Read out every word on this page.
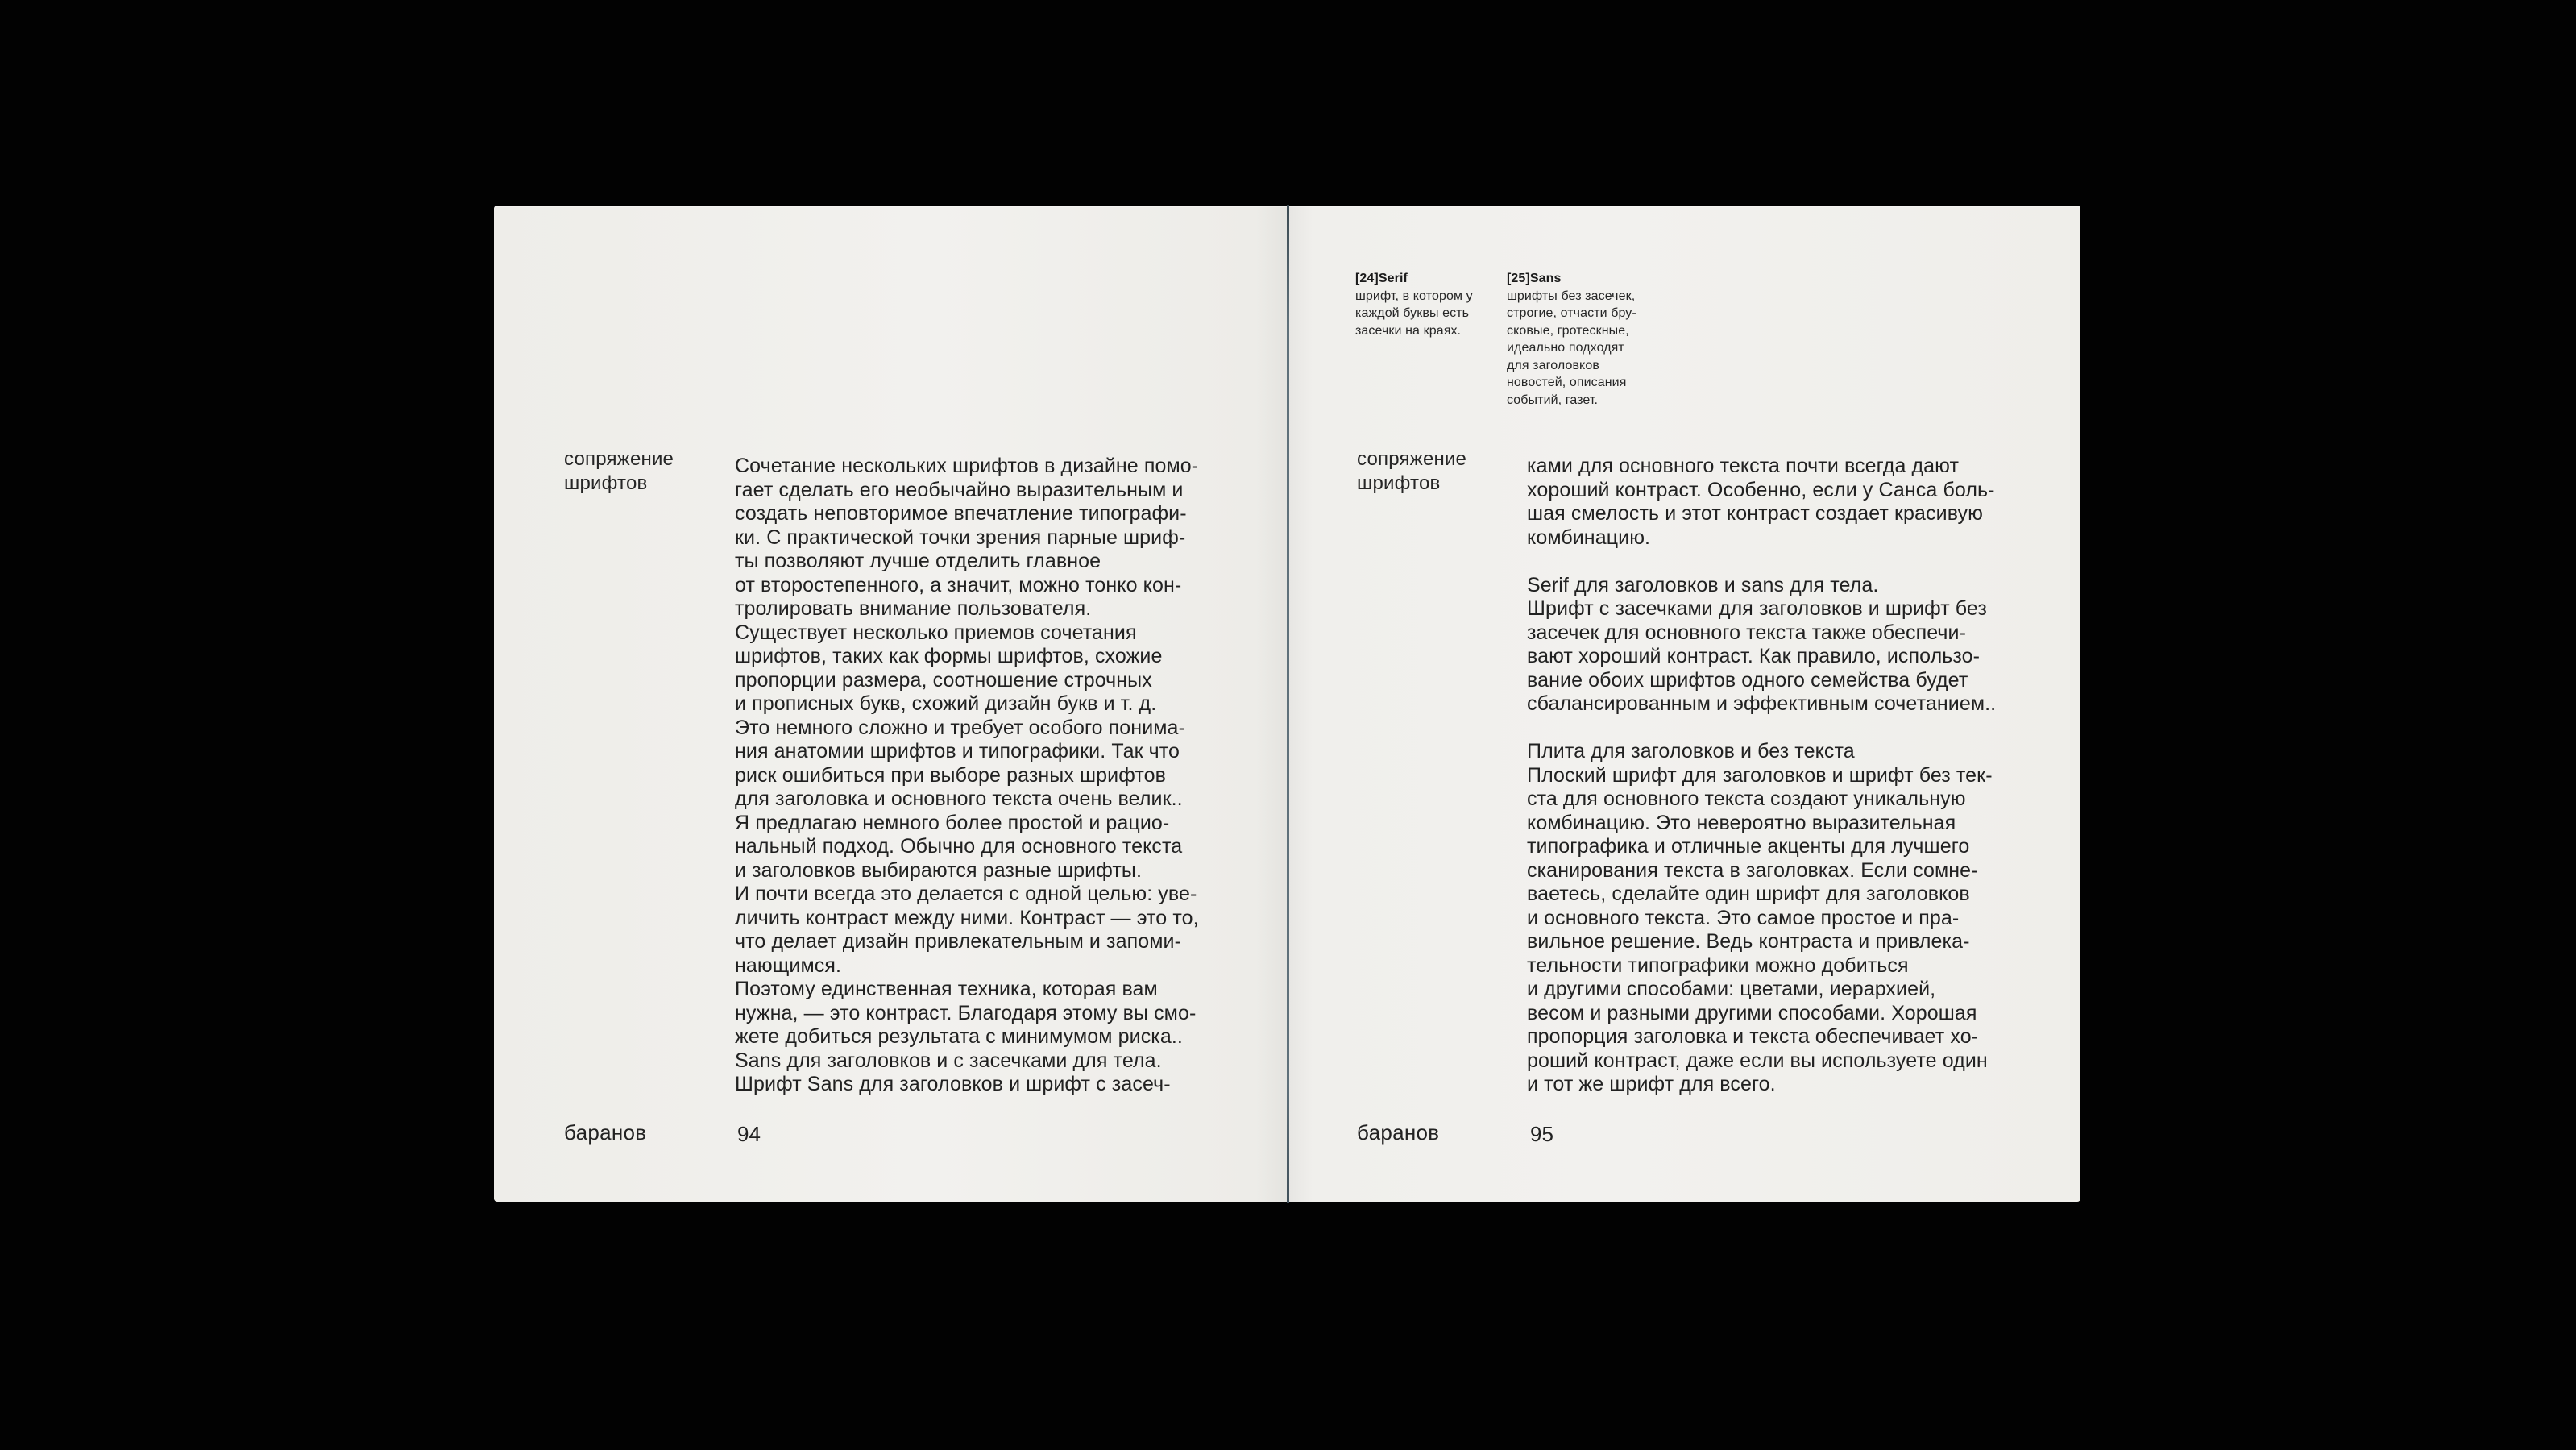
сопряжение
шрифтов
Сочетание нескольких шрифтов в дизайне помо-
гает сделать его необычайно выразительным и
создать неповторимое впечатление типографи-
ки. С практической точки зрения парные шриф-
ты позволяют лучше отделить главное
от второстепенного, а значит, можно тонко кон-
тролировать внимание пользователя.
Существует несколько приемов сочетания
шрифтов, таких как формы шрифтов, схожие
пропорции размера, соотношение строчных
и прописных букв, схожий дизайн букв и т. д.
Это немного сложно и требует особого понима-
ния анатомии шрифтов и типографики. Так что
риск ошибиться при выборе разных шрифтов
для заголовка и основного текста очень велик..
Я предлагаю немного более простой и рацио-
нальный подход. Обычно для основного текста
и заголовков выбираются разные шрифты.
И почти всегда это делается с одной целью: уве-
личить контраст между ними. Контраст — это то,
что делает дизайн привлекательным и запоми-
нающимся.
Поэтому единственная техника, которая вам
нужна, — это контраст. Благодаря этому вы смо-
жете добиться результата с минимумом риска..
Sans для заголовков и с засечками для тела.
Шрифт Sans для заголовков и шрифт с засеч-
баранов	94
[24]Serif
шрифт, в котором у
каждой буквы есть
засечки на краях.
[25]Sans
шрифты без засечек,
строгие, отчасти бру-
сковые, гротескные,
идеально подходят
для заголовков
новостей, описания
событий, газет.
сопряжение
шрифтов
ками для основного текста почти всегда дают
хороший контраст. Особенно, если у Санса боль-
шая смелость и этот контраст создает красивую
комбинацию.

Serif для заголовков и sans для тела.
Шрифт с засечками для заголовков и шрифт без
засечек для основного текста также обеспечи-
вают хороший контраст. Как правило, использо-
вание обоих шрифтов одного семейства будет
сбалансированным и эффективным сочетанием..

Плита для заголовков и без текста
Плоский шрифт для заголовков и шрифт без тек-
ста для основного текста создают уникальную
комбинацию. Это невероятно выразительная
типографика и отличные акценты для лучшего
сканирования текста в заголовках. Если сомне-
ваетесь, сделайте один шрифт для заголовков
и основного текста. Это самое простое и пра-
вильное решение. Ведь контраста и привлека-
тельности типографики можно добиться
и другими способами: цветами, иерархией,
весом и разными другими способами. Хорошая
пропорция заголовка и текста обеспечивает хо-
роший контраст, даже если вы используете один
и тот же шрифт для всего.
баранов	95
